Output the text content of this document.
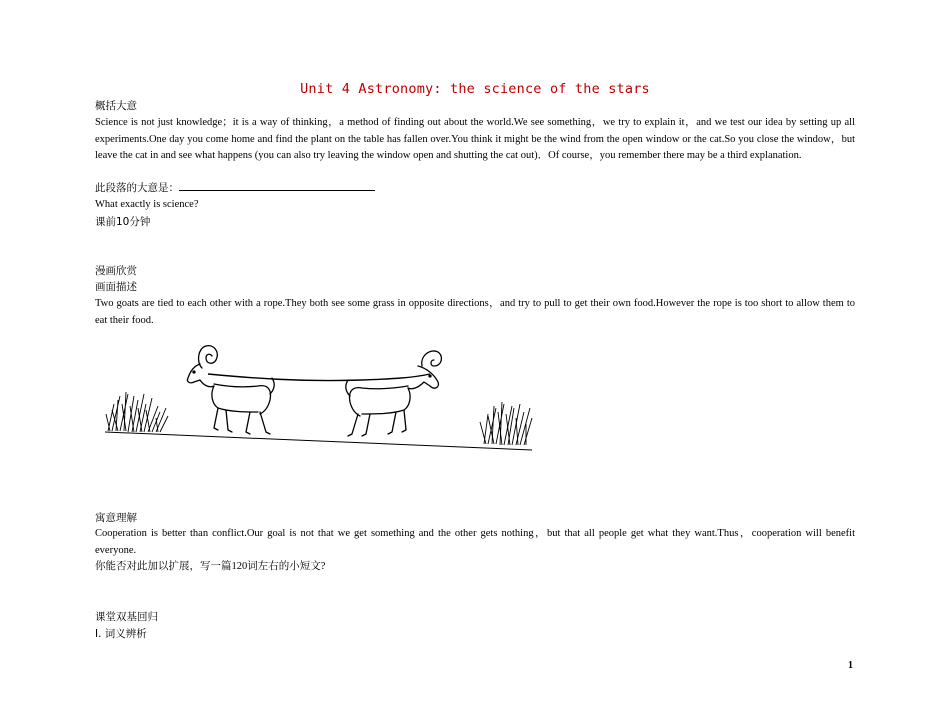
Unit 4 Astronomy: the science of the stars
概括大意
Science is not just knowledge；it is a way of thinking，a method of finding out about the world.We see something，we try to explain it，and we test our idea by setting up all experiments.One day you come home and find the plant on the table has fallen over.You think it might be the wind from the open window or the cat.So you close the window，but leave the cat in and see what happens (you can also try leaving the window open and shutting the cat out)．Of course，you remember there may be a third explanation.
此段落的大意是：
What exactly is science?
课前10分钟
漫画欣赏
画面描述
Two goats are tied to each other with a rope.They both see some grass in opposite directions，and try to pull to get their own food.However the rope is too short to allow them to eat their food.
寓意理解
Cooperation is better than conflict.Our goal is not that we get something and the other gets nothing，but that all people get what they want.Thus，cooperation will benefit everyone.
你能否对此加以扩展，写一篇120词左右的小短文?
课堂双基回归
Ⅰ. 词义辨析
1
